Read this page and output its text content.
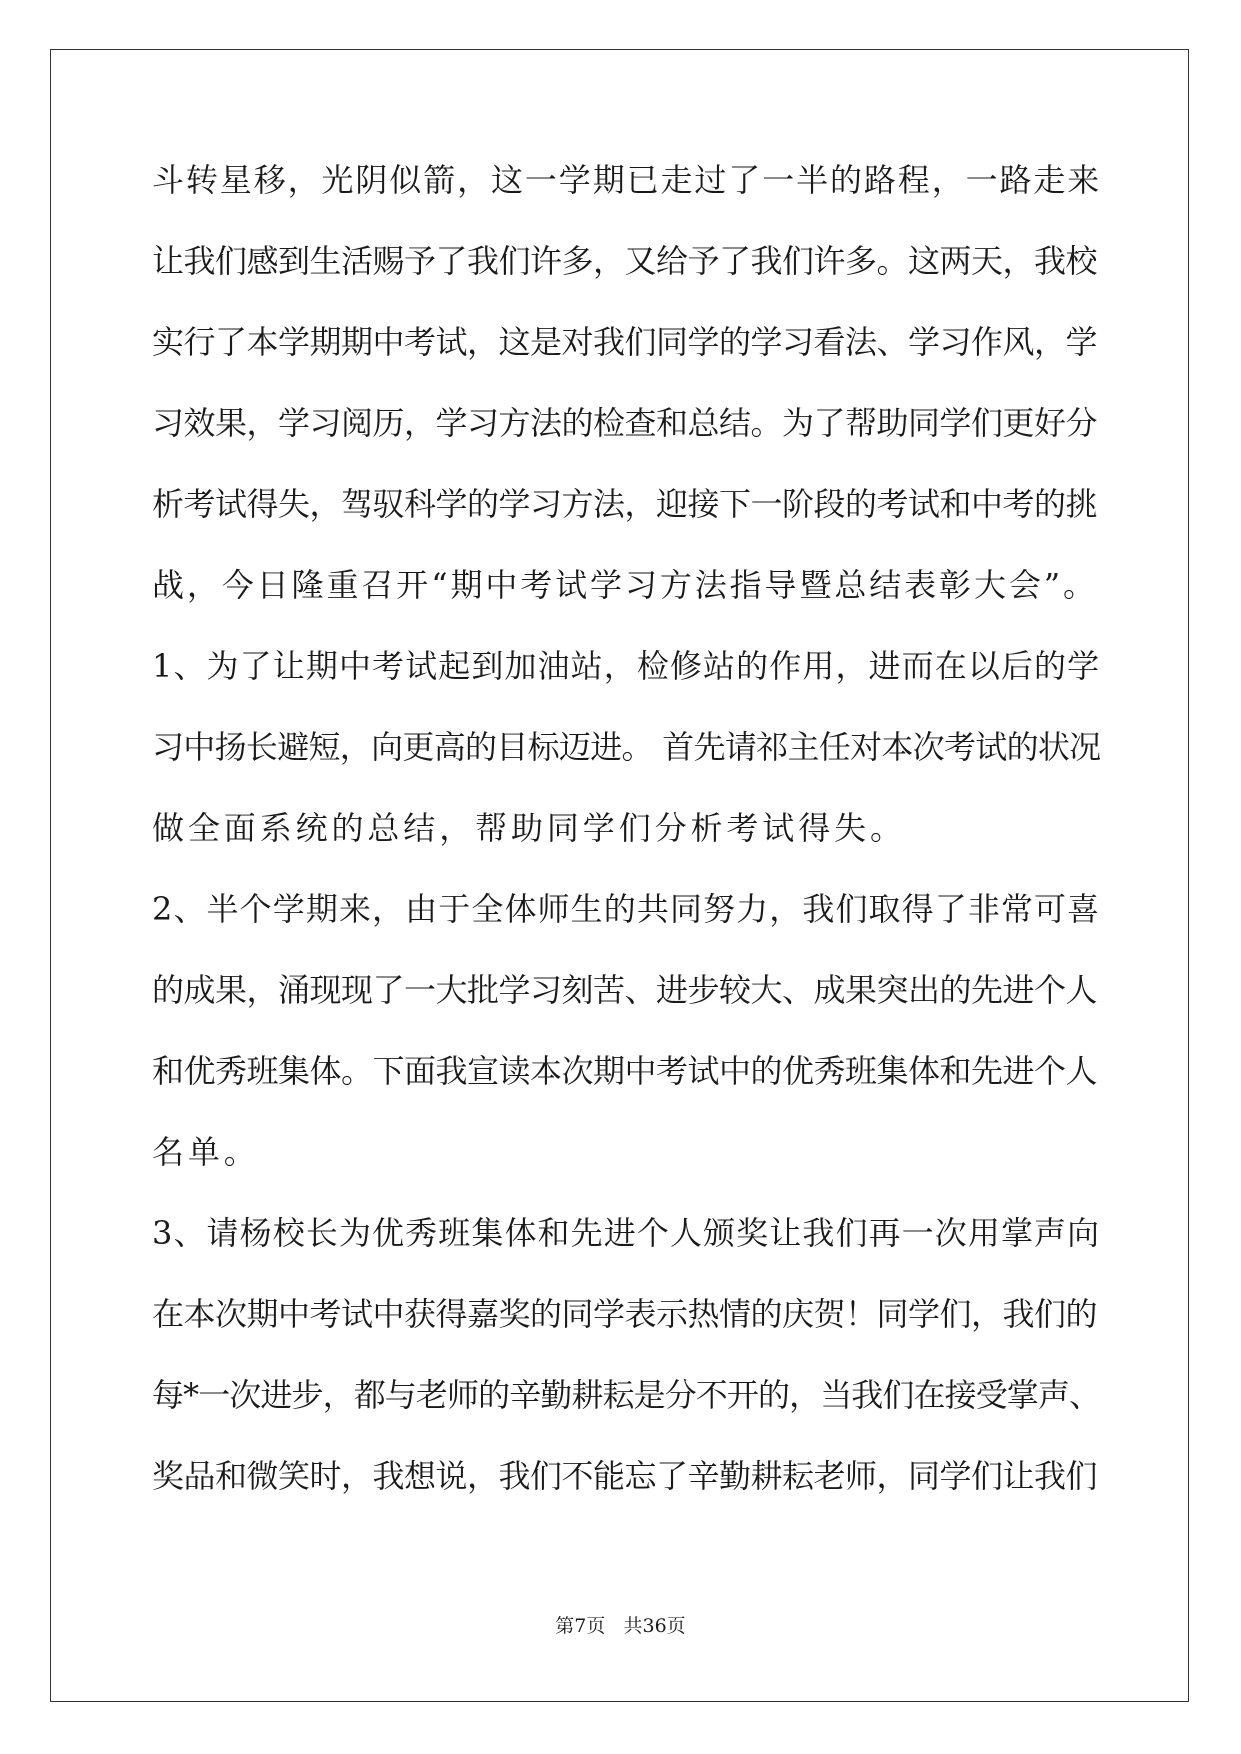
斗转星移，光阴似箭，这一学期已走过了一半的路程，一路走来
让我们感到生活赐予了我们许多，又给予了我们许多。这两天，我校
实行了本学期期中考试，这是对我们同学的学习看法、学习作风，学
习效果，学习阅历，学习方法的检查和总结。为了帮助同学们更好分
析考试得失，驾驭科学的学习方法，迎接下一阶段的考试和中考的挑
战，今日隆重召开“期中考试学习方法指导暨总结表彰大会”。
1、为了让期中考试起到加油站，检修站的作用，进而在以后的学
习中扬长避短，向更高的目标迈进。 首先请祁主任对本次考试的状况
做全面系统的总结，帮助同学们分析考试得失。
2、半个学期来，由于全体师生的共同努力，我们取得了非常可喜
的成果，涌现现了一大批学习刻苦、进步较大、成果突出的先进个人
和优秀班集体。下面我宣读本次期中考试中的优秀班集体和先进个人
名单。
3、请杨校长为优秀班集体和先进个人颁奖让我们再一次用掌声向
在本次期中考试中获得嘉奖的同学表示热情的庆贺！同学们，我们的
每*一次进步，都与老师的辛勤耕耘是分不开的，当我们在接受掌声、
奖品和微笑时，我想说，我们不能忘了辛勤耕耘老师，同学们让我们
第7页   共36页
